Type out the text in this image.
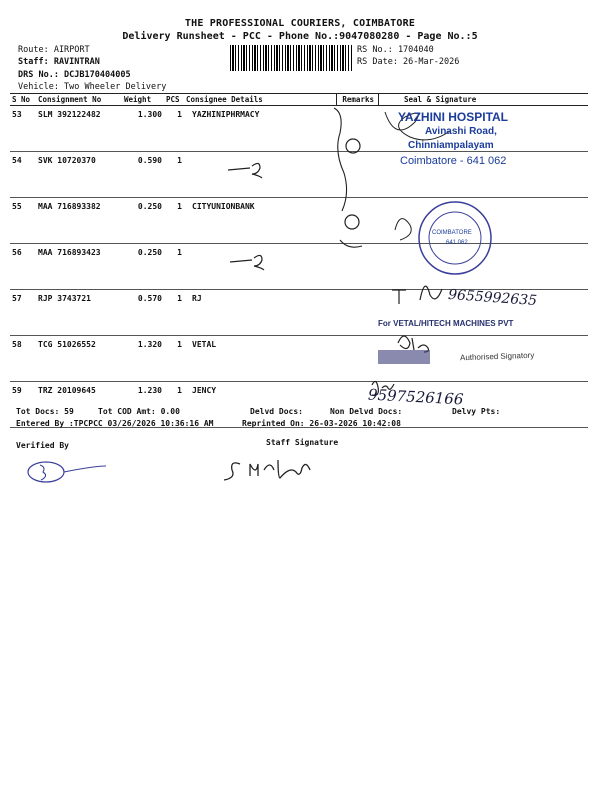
THE PROFESSIONAL COURIERS, COIMBATORE
Delivery Runsheet - PCC - Phone No.:9047080280 - Page No.:5
Route: AIRPORT
Staff: RAVINTRAN
DRS No.: DCJB170404005
Vehicle: Two Wheeler Delivery
RS No.: 1704040
RS Date: 26-Mar-2026
S No	Consignment No	Weight	PCS	Consignee Details	Remarks	Seal & Signature
53	SLM 392122482	1.300	1	YAZHINIPHRMACY		
54	SVK 10720370	0.590	1			
55	MAA 716893382	0.250	1	CITYUNIONBANK		
56	MAA 716893423	0.250	1			
57	RJP 3743721	0.570	1	RJ		
58	TCG 51026552	1.320	1	VETAL		
59	TRZ 20109645	1.230	1	JENCY		
YAZHINI HOSPITAL
Avinashi Road,
Chinniampalayam
Coimbatore - 641 062
COIMBATORE
641 062
9655992635
For VETAL/HITECH MACHINES PVT
Authorised Signatory
9597526166
Tot Docs: 59	Tot COD Amt: 0.00	Delvd Docs:	Non Delvd Docs:	Delvy Pts:
Entered By :TPCPCC 03/26/2026 10:36:16 AM	Reprinted On: 26-03-2026 10:42:08
Verified By	Staff Signature
